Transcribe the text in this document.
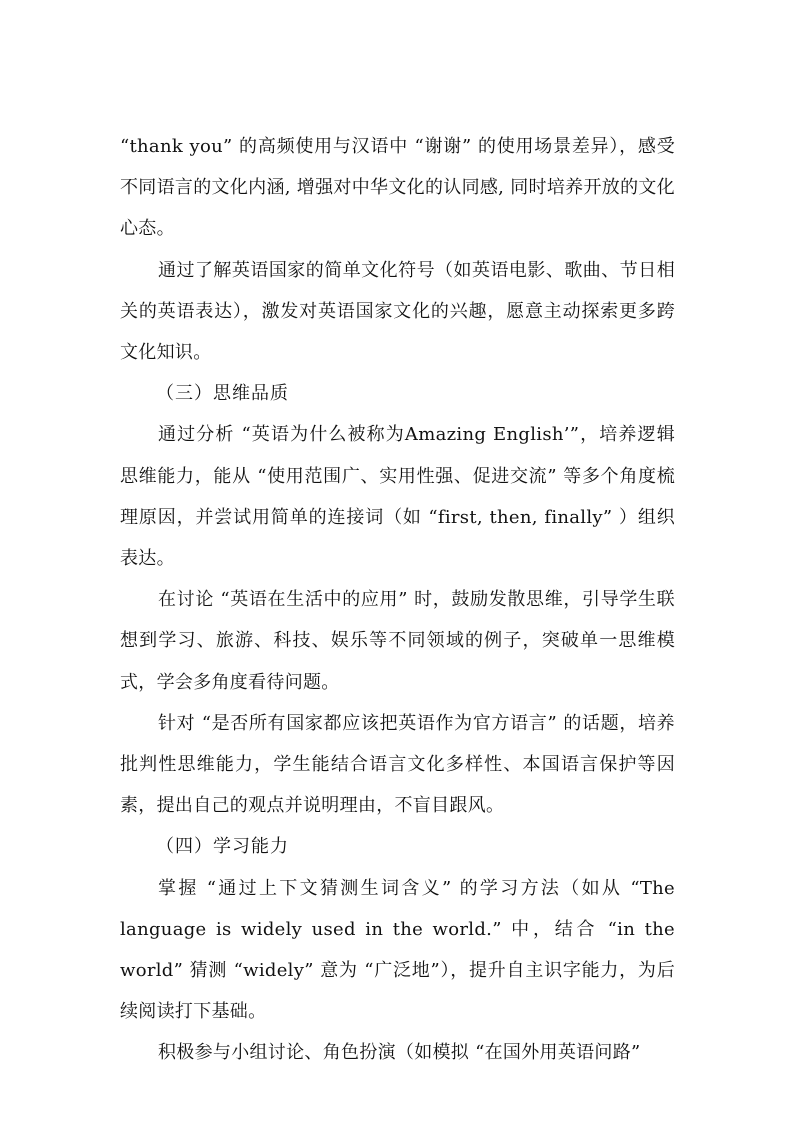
“thank you” 的高频使用与汉语中 “谢谢” 的使用场景差异），感受不同语言的文化内涵, 增强对中华文化的认同感, 同时培养开放的文化心态。

通过了解英语国家的简单文化符号（如英语电影、歌曲、节日相关的英语表达），激发对英语国家文化的兴趣，愿意主动探索更多跨文化知识。

（三）思维品质

通过分析 “英语为什么被称为Amazing English’”，培养逻辑思维能力，能从 “使用范围广、实用性强、促进交流” 等多个角度梳理原因，并尝试用简单的连接词（如 “first, then, finally” ）组织表达。

在讨论 “英语在生活中的应用” 时，鼓励发散思维，引导学生联想到学习、旅游、科技、娱乐等不同领域的例子，突破单一思维模式，学会多角度看待问题。

针对 “是否所有国家都应该把英语作为官方语言” 的话题，培养批判性思维能力，学生能结合语言文化多样性、本国语言保护等因素，提出自己的观点并说明理由，不盲目跟风。

（四）学习能力

掌握 “通过上下文猜测生词含义” 的学习方法（如从 “The language is widely used in the world.” 中，结合 “in the world” 猜测 “widely” 意为 “广泛地”），提升自主识字能力，为后续阅读打下基础。

积极参与小组讨论、角色扮演（如模拟 “在国外用英语问路”
